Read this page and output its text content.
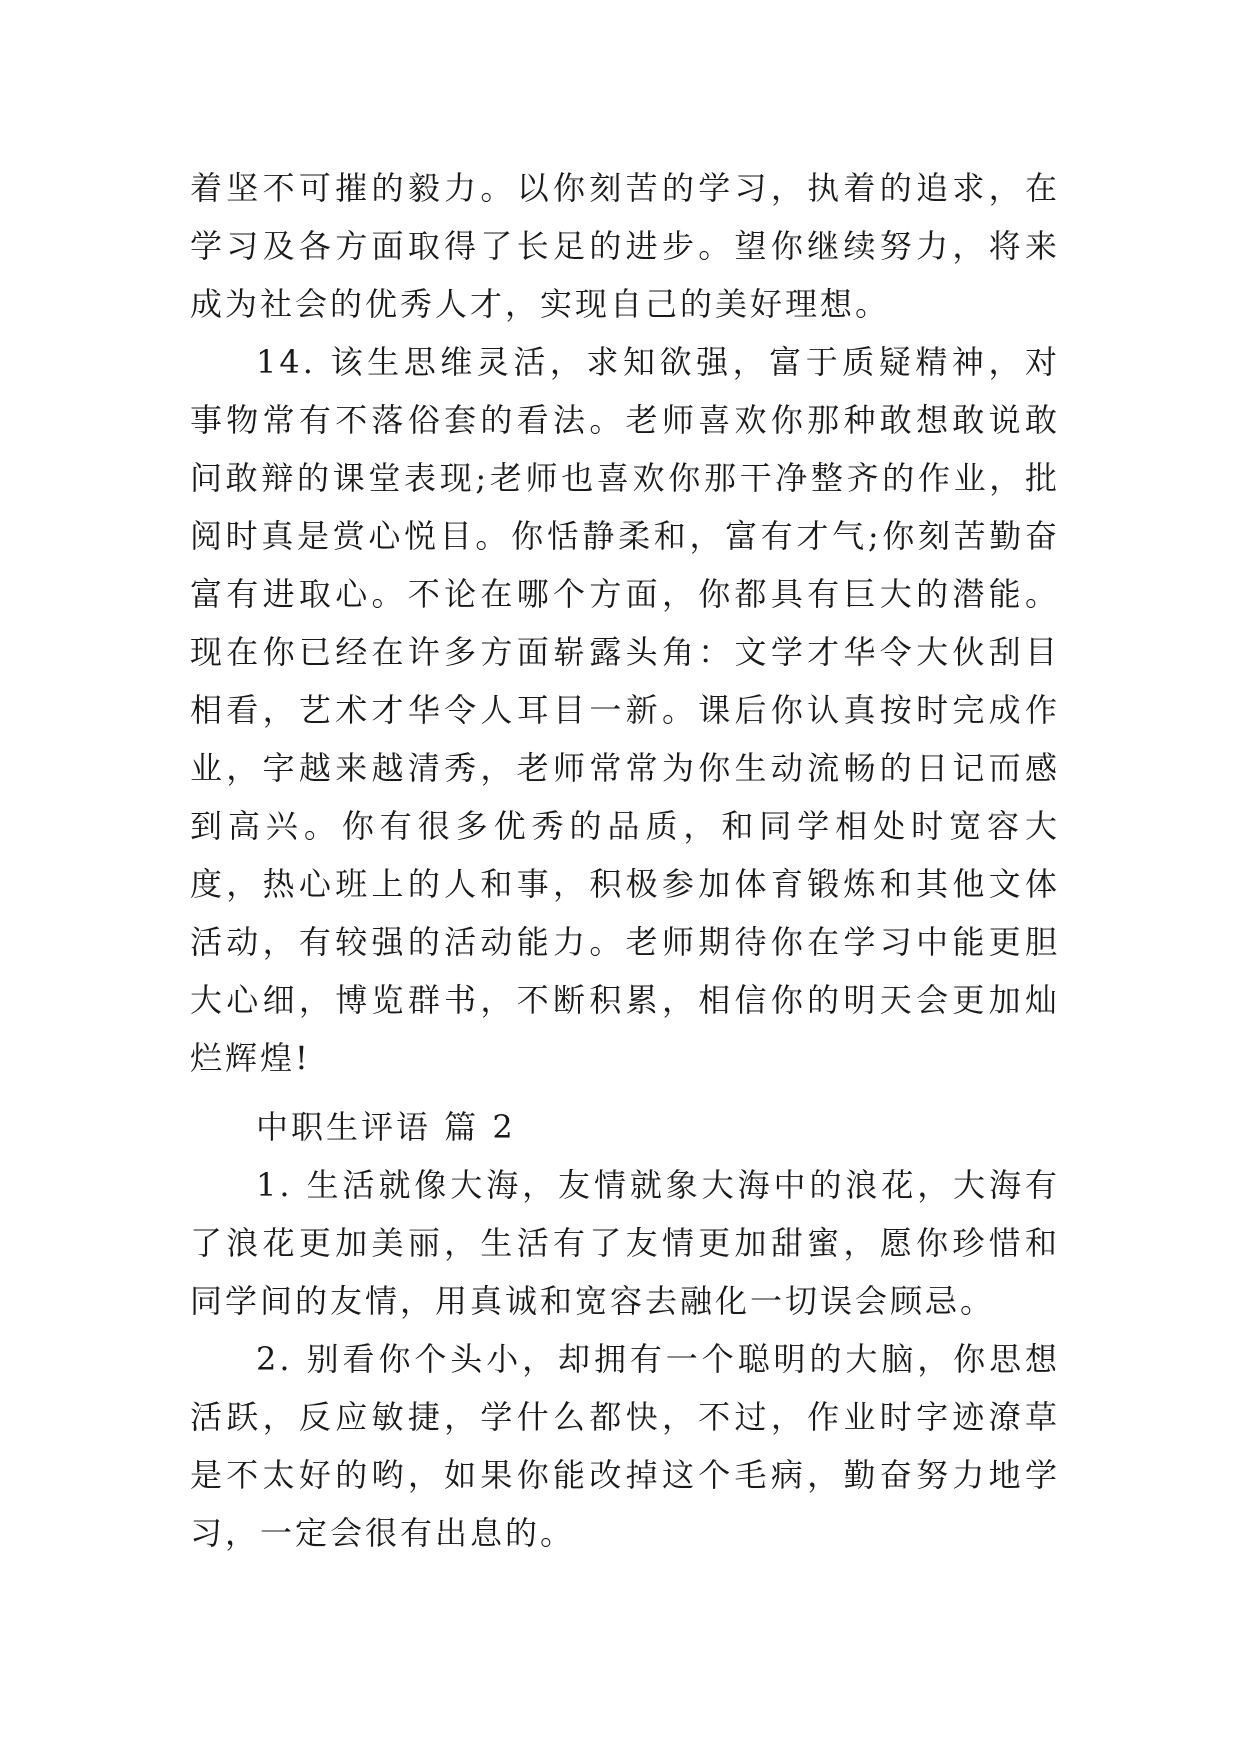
着坚不可摧的毅力。以你刻苦的学习，执着的追求，在学习及各方面取得了长足的进步。望你继续努力，将来成为社会的优秀人才，实现自己的美好理想。

14. 该生思维灵活，求知欲强，富于质疑精神，对事物常有不落俗套的看法。老师喜欢你那种敢想敢说敢问敢辩的课堂表现;老师也喜欢你那干净整齐的作业，批阅时真是赏心悦目。你恬静柔和，富有才气;你刻苦勤奋富有进取心。不论在哪个方面，你都具有巨大的潜能。现在你已经在许多方面崭露头角：文学才华令大伙刮目相看，艺术才华令人耳目一新。课后你认真按时完成作业，字越来越清秀，老师常常为你生动流畅的日记而感到高兴。你有很多优秀的品质，和同学相处时宽容大度，热心班上的人和事，积极参加体育锻炼和其他文体活动，有较强的活动能力。老师期待你在学习中能更胆大心细，博览群书，不断积累，相信你的明天会更加灿烂辉煌!

中职生评语 篇 2

1. 生活就像大海，友情就象大海中的浪花，大海有了浪花更加美丽，生活有了友情更加甜蜜，愿你珍惜和同学间的友情，用真诚和宽容去融化一切误会顾忌。

2. 别看你个头小，却拥有一个聪明的大脑，你思想活跃，反应敏捷，学什么都快，不过，作业时字迹潦草是不太好的哟，如果你能改掉这个毛病，勤奋努力地学习，一定会很有出息的。
